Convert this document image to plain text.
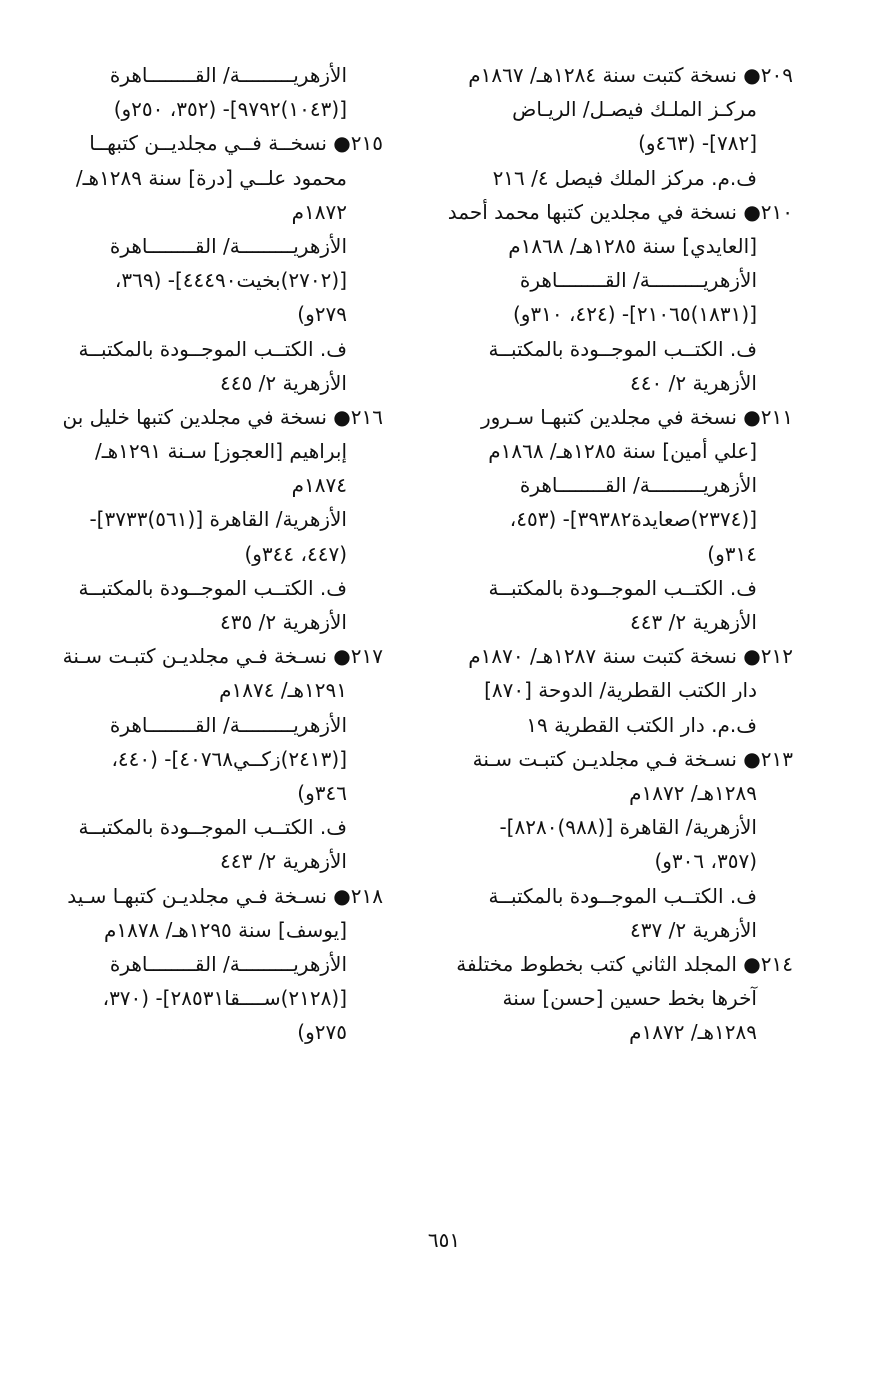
٢٠٩● نسخة كتبت سنة ١٢٨٤هـ/ ١٨٦٧م
مركـز الملـك فيصـل/ الريـاض
[٧٨٢]- (٤٦٣و)
ف.م. مركز الملك فيصل ٤/ ٢١٦
٢١٠● نسخة في مجلدين كتبها محمد أحمد
[العايدي] سنة ١٢٨٥هـ/ ١٨٦٨م
الأزهريـــــــــة/ القــــــــاهرة
[(١٨٣١)٢١٠٦٥]- (٤٢٤، ٣١٠و)
ف. الكتــب الموجــودة بالمكتبــة
الأزهرية ٢/ ٤٤٠
٢١١● نسخة في مجلدين كتبهـا سـرور
[علي أمين] سنة ١٢٨٥هـ/ ١٨٦٨م
الأزهريـــــــــة/ القــــــــاهرة
[(٢٣٧٤)صعايدة٣٩٣٨٢]- (٤٥٣،
٣١٤و)
ف. الكتــب الموجــودة بالمكتبــة
الأزهرية ٢/ ٤٤٣
٢١٢● نسخة كتبت سنة ١٢٨٧هـ/ ١٨٧٠م
دار الكتب القطرية/ الدوحة [٨٧٠]
ف.م. دار الكتب القطرية ١٩
٢١٣● نسـخة فـي مجلديـن كتبـت سـنة
١٢٨٩هـ/ ١٨٧٢م
الأزهرية/ القاهرة [(٩٨٨)٨٢٨٠]-
(٣٥٧، ٣٠٦و)
ف. الكتــب الموجــودة بالمكتبــة
الأزهرية ٢/ ٤٣٧
٢١٤● المجلد الثاني كتب بخطوط مختلفة
آخرها بخط حسين [حسن] سنة
١٢٨٩هـ/ ١٨٧٢م
الأزهريـــــــــة/ القــــــــاهرة
[(١٠٤٣)٩٧٩٢]- (٣٥٢، ٢٥٠و)
٢١٥● نسخــة فــي مجلديــن كتبهــا
محمود علــي [درة] سنة ١٢٨٩هـ/
١٨٧٢م
الأزهريـــــــــة/ القــــــــاهرة
[(٢٧٠٢)بخيت٤٤٤٩٠]- (٣٦٩،
٢٧٩و)
ف. الكتــب الموجــودة بالمكتبــة
الأزهرية ٢/ ٤٤٥
٢١٦● نسخة في مجلدين كتبها خليل بن
إبراهيم [العجوز] سـنة ١٢٩١هـ/
١٨٧٤م
الأزهرية/ القاهرة [(٥٦١)٣٧٣٣]-
(٤٤٧، ٣٤٤و)
ف. الكتــب الموجــودة بالمكتبــة
الأزهرية ٢/ ٤٣٥
٢١٧● نسـخة فـي مجلديـن كتبـت سـنة
١٢٩١هـ/ ١٨٧٤م
الأزهريـــــــــة/ القــــــــاهرة
[(٢٤١٣)زكــي٤٠٧٦٨]- (٤٤٠،
٣٤٦و)
ف. الكتــب الموجــودة بالمكتبــة
الأزهرية ٢/ ٤٤٣
٢١٨● نسـخة فـي مجلديـن كتبهـا سـيد
[يوسف] سنة ١٢٩٥هـ/ ١٨٧٨م
الأزهريـــــــــة/ القــــــــاهرة
[(٢١٢٨)ســــقا٢٨٥٣١]- (٣٧٠،
٢٧٥و)
٦٥١
